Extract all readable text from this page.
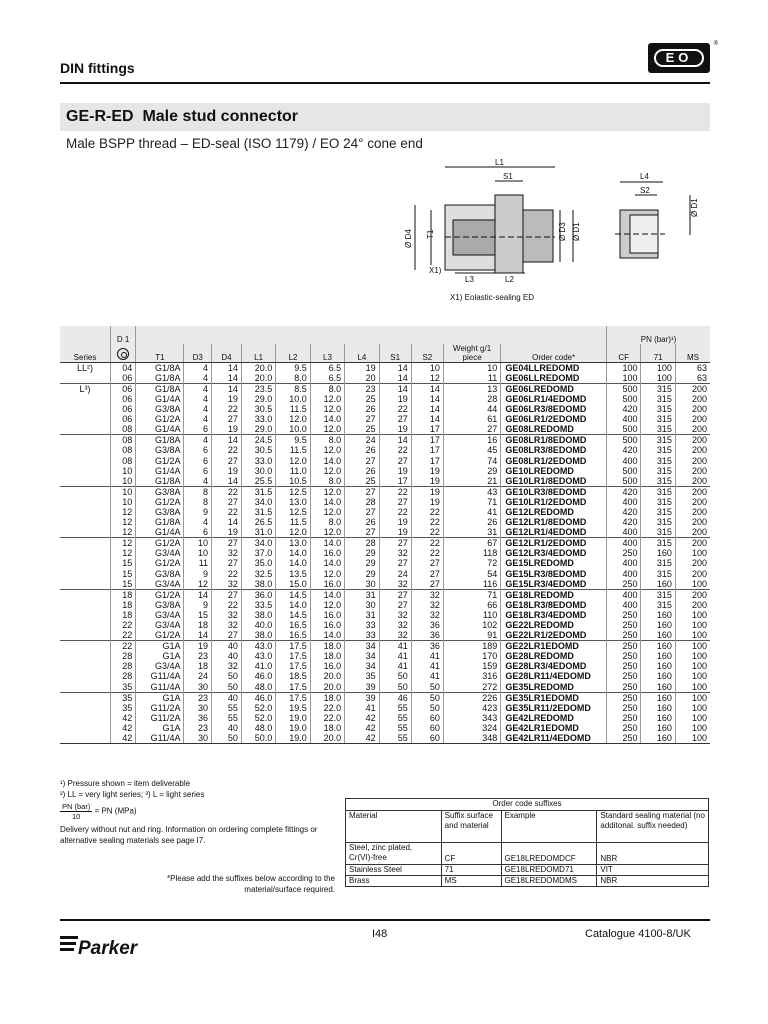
DIN fittings
EO
®
GE-R-ED  Male stud connector
Male BSPP thread – ED-seal (ISO 1179) / EO 24° cone end
L1
S1	L4
S2
Ø D1
Ø D4 T1	Ø D3 Ø D1
X1)
L3	L2
X1) Eolastic-sealing ED
	D 1												PN (bar)¹)		
Series		T1	D3	D4	L1	L2	L3	L4	S1	S2	Weight g/1 piece	Order code*	CF	71	MS
LL²)	04	G1/8A	4	14	20.0	9.5	6.5	19	14	10	10	GE04LLREDOMD	100	100	63
	06	G1/8A	4	14	20.0	8.0	6.5	20	14	12	11	GE06LLREDOMD	100	100	63
L³)	06	G1/8A	4	14	23.5	8.5	8.0	23	14	14	13	GE06LREDOMD	500	315	200
	06	G1/4A	4	19	29.0	10.0	12.0	25	19	14	28	GE06LR1/4EDOMD	500	315	200
	06	G3/8A	4	22	30.5	11.5	12.0	26	22	14	44	GE06LR3/8EDOMD	420	315	200
	06	G1/2A	4	27	33.0	12.0	14.0	27	27	14	61	GE06LR1/2EDOMD	400	315	200
	08	G1/4A	6	19	29.0	10.0	12.0	25	19	17	27	GE08LREDOMD	500	315	200
	08	G1/8A	4	14	24.5	9.5	8.0	24	14	17	16	GE08LR1/8EDOMD	500	315	200
	08	G3/8A	6	22	30.5	11.5	12.0	26	22	17	45	GE08LR3/8EDOMD	420	315	200
	08	G1/2A	6	27	33.0	12.0	14.0	27	27	17	74	GE08LR1/2EDOMD	400	315	200
	10	G1/4A	6	19	30.0	11.0	12.0	26	19	19	29	GE10LREDOMD	500	315	200
	10	G1/8A	4	14	25.5	10.5	8.0	25	17	19	21	GE10LR1/8EDOMD	500	315	200
	10	G3/8A	8	22	31.5	12.5	12.0	27	22	19	43	GE10LR3/8EDOMD	420	315	200
	10	G1/2A	8	27	34.0	13.0	14.0	28	27	19	71	GE10LR1/2EDOMD	400	315	200
	12	G3/8A	9	22	31.5	12.5	12.0	27	22	22	41	GE12LREDOMD	420	315	200
	12	G1/8A	4	14	26.5	11.5	8.0	26	19	22	26	GE12LR1/8EDOMD	420	315	200
	12	G1/4A	6	19	31.0	12.0	12.0	27	19	22	31	GE12LR1/4EDOMD	400	315	200
	12	G1/2A	10	27	34.0	13.0	14.0	28	27	22	67	GE12LR1/2EDOMD	400	315	200
	12	G3/4A	10	32	37.0	14.0	16.0	29	32	22	118	GE12LR3/4EDOMD	250	160	100
	15	G1/2A	11	27	35.0	14.0	14.0	29	27	27	72	GE15LREDOMD	400	315	200
	15	G3/8A	9	22	32.5	13.5	12.0	29	24	27	54	GE15LR3/8EDOMD	400	315	200
	15	G3/4A	12	32	38.0	15.0	16.0	30	32	27	116	GE15LR3/4EDOMD	250	160	100
	18	G1/2A	14	27	36.0	14.5	14.0	31	27	32	71	GE18LREDOMD	400	315	200
	18	G3/8A	9	22	33.5	14.0	12.0	30	27	32	66	GE18LR3/8EDOMD	400	315	200
	18	G3/4A	15	32	38.0	14.5	16.0	31	32	32	110	GE18LR3/4EDOMD	250	160	100
	22	G3/4A	18	32	40.0	16.5	16.0	33	32	36	102	GE22LREDOMD	250	160	100
	22	G1/2A	14	27	38.0	16.5	14.0	33	32	36	91	GE22LR1/2EDOMD	250	160	100
	22	G1A	19	40	43.0	17.5	18.0	34	41	36	189	GE22LR1EDOMD	250	160	100
	28	G1A	23	40	43.0	17.5	18.0	34	41	41	170	GE28LREDOMD	250	160	100
	28	G3/4A	18	32	41.0	17.5	16.0	34	41	41	159	GE28LR3/4EDOMD	250	160	100
	28	G11/4A	24	50	46.0	18.5	20.0	35	50	41	316	GE28LR11/4EDOMD	250	160	100
	35	G11/4A	30	50	48.0	17.5	20.0	39	50	50	272	GE35LREDOMD	250	160	100
	35	G1A	23	40	46.0	17.5	18.0	39	46	50	226	GE35LR1EDOMD	250	160	100
	35	G11/2A	30	55	52.0	19.5	22.0	41	55	50	423	GE35LR11/2EDOMD	250	160	100
	42	G11/2A	36	55	52.0	19.0	22.0	42	55	60	343	GE42LREDOMD	250	160	100
	42	G1A	23	40	48.0	19.0	18.0	42	55	60	324	GE42LR1EDOMD	250	160	100
	42	G11/4A	30	50	50.0	19.0	20.0	42	55	60	348	GE42LR11/4EDOMD	250	160	100
¹) Pressure shown = item deliverable
²) LL = very light series; ³) L = light series
PN (bar)
10 = PN (MPa)
Delivery without nut and ring. Information on ordering complete fittings or alternative sealing materials see page I7.
*Please add the suffixes below according to the material/surface required.
Order code suffixes			
Material	Suffix surface and material	Example	Standard sealing material (no additonal. suffix needed)
Steel, zinc plated, Cr(VI)-free	CF	GE18LREDOMDCF	NBR
Stainless Steel	71	GE18LREDOMD71	VIT
Brass	MS	GE18LREDOMDMS	NBR
Parker
I48	Catalogue 4100-8/UK
